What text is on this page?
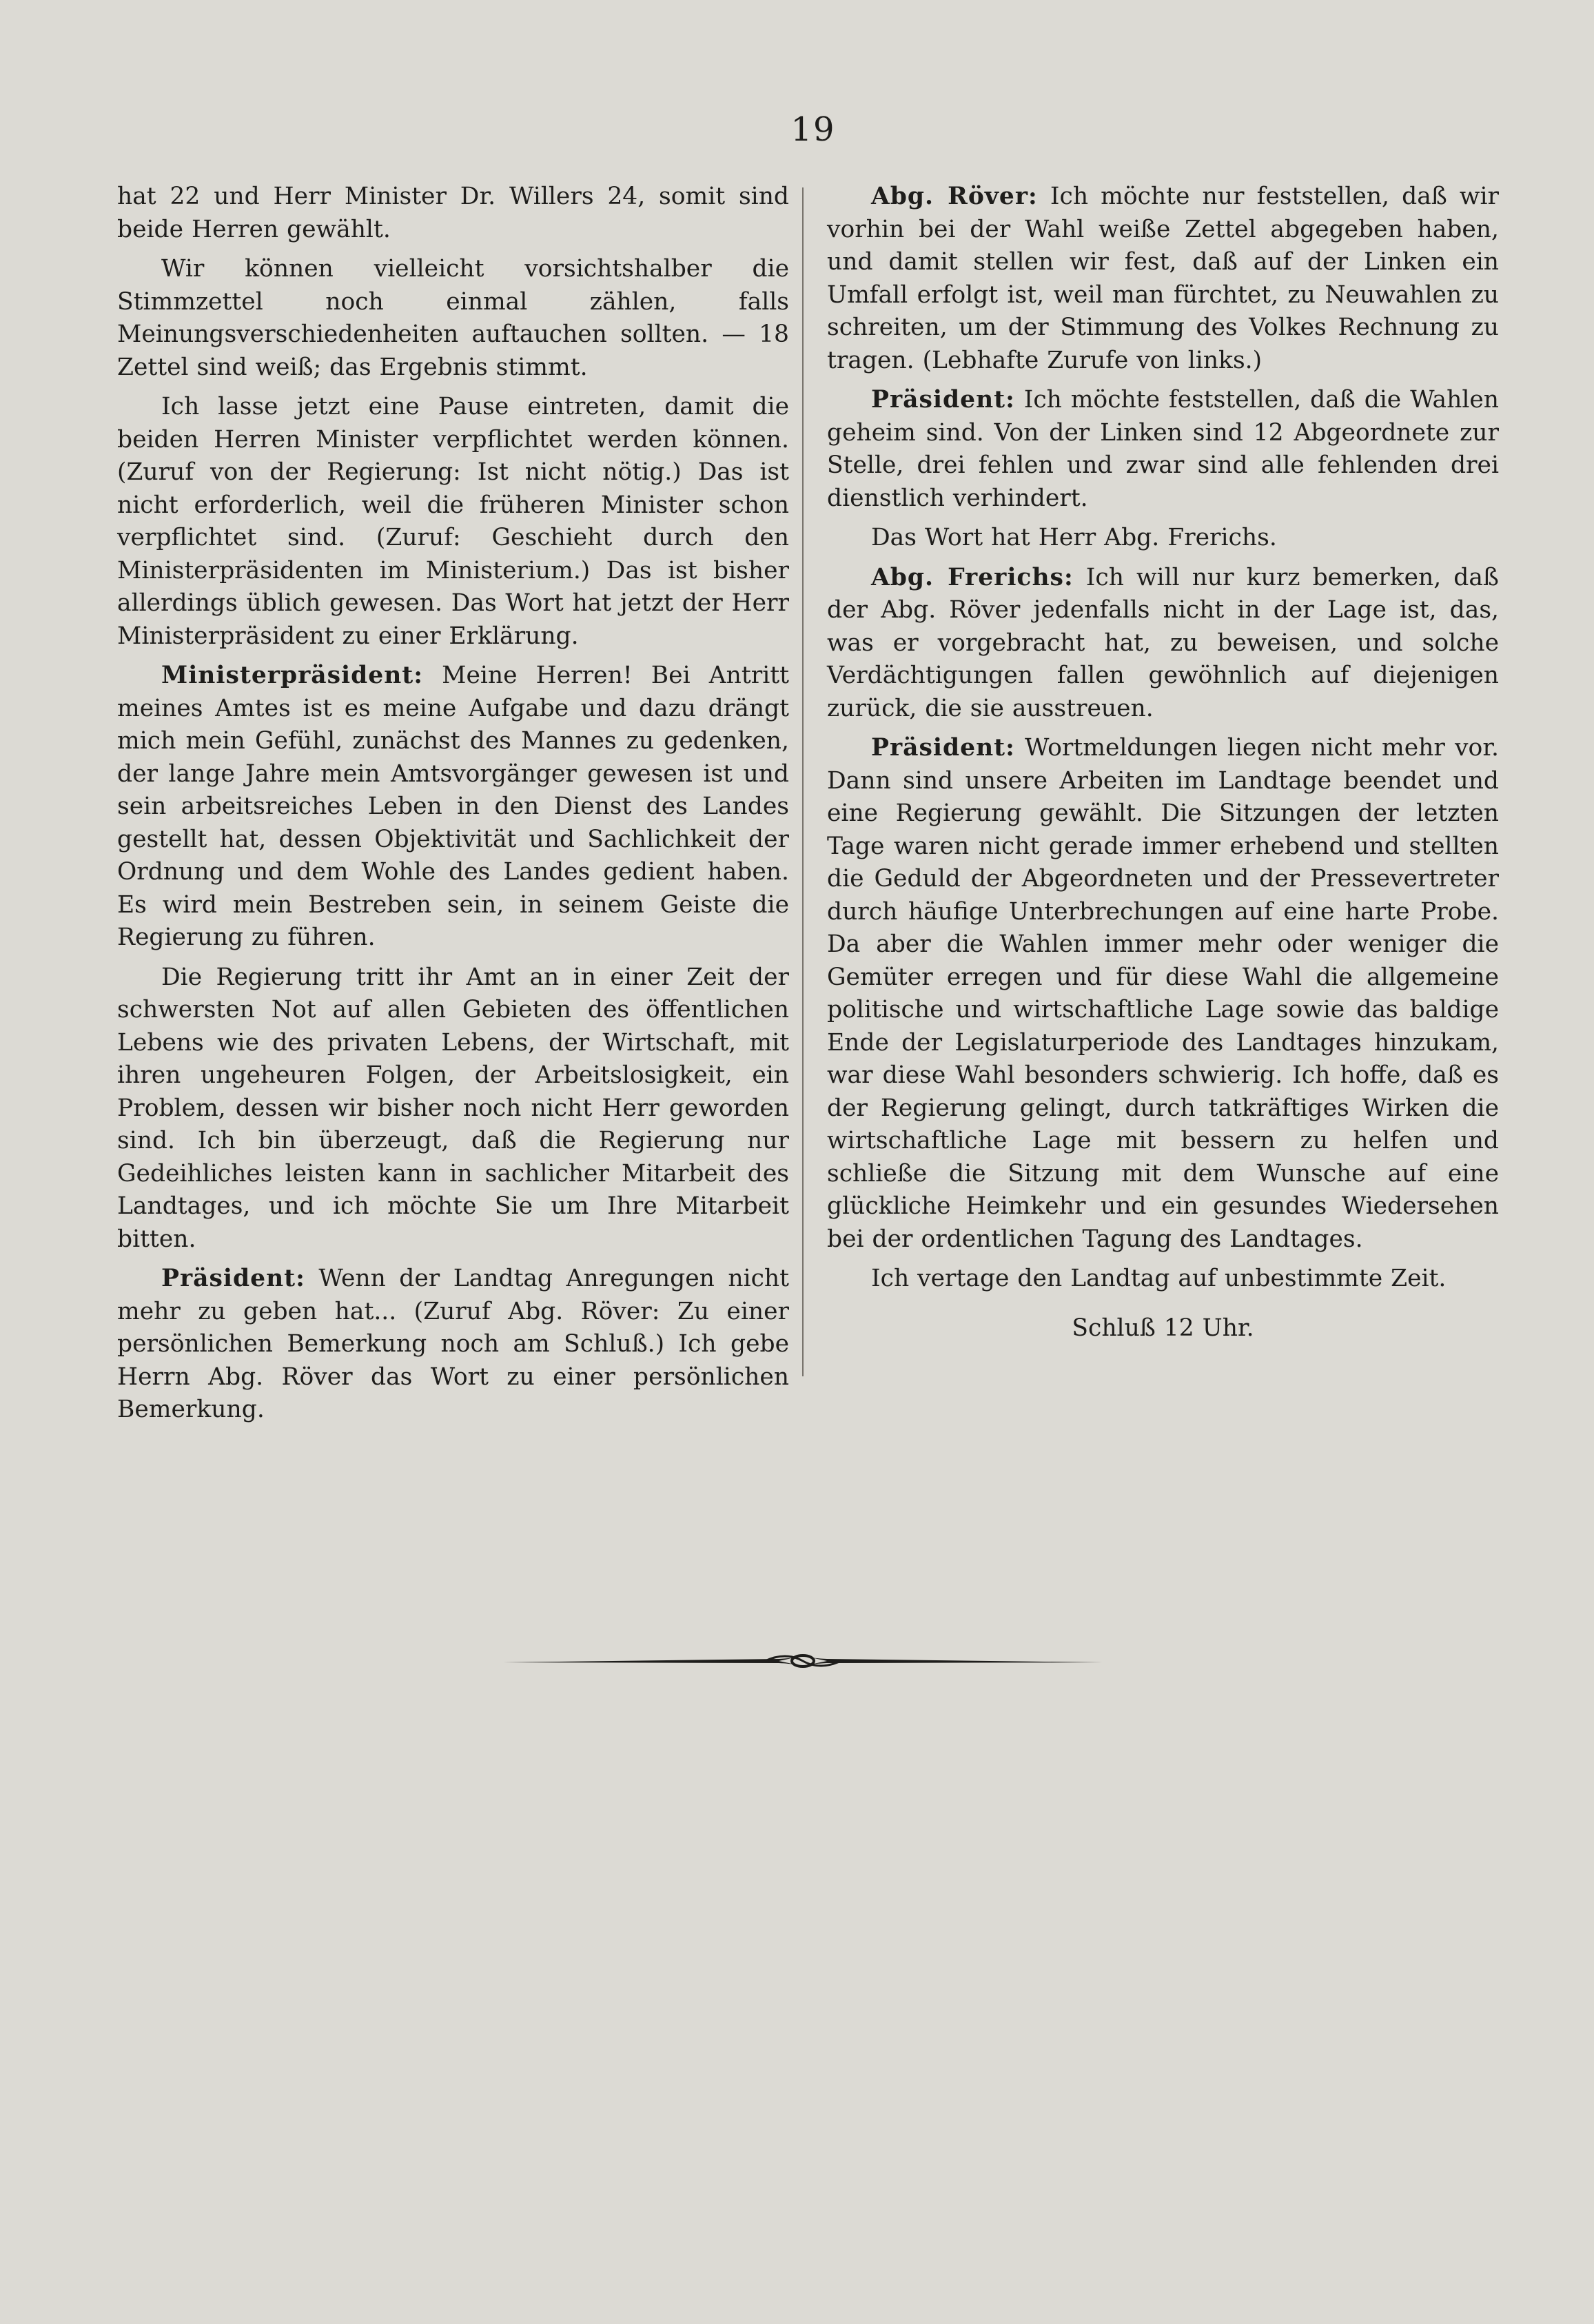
19

hat 22 und Herr Minister Dr. Willers 24, somit sind beide Herren gewählt.

Wir können vielleicht vorsichtshalber die Stimmzettel noch einmal zählen, falls Meinungsverschiedenheiten auftauchen sollten. — 18 Zettel sind weiß; das Ergebnis stimmt.

Ich lasse jetzt eine Pause eintreten, damit die beiden Herren Minister verpflichtet werden können. (Zuruf von der Regierung: Ist nicht nötig.) Das ist nicht erforderlich, weil die früheren Minister schon verpflichtet sind. (Zuruf: Geschieht durch den Ministerpräsidenten im Ministerium.) Das ist bisher allerdings üblich gewesen. Das Wort hat jetzt der Herr Ministerpräsident zu einer Erklärung.

Ministerpräsident: Meine Herren! Bei Antritt meines Amtes ist es meine Aufgabe und dazu drängt mich mein Gefühl, zunächst des Mannes zu gedenken, der lange Jahre mein Amtsvorgänger gewesen ist und sein arbeitsreiches Leben in den Dienst des Landes gestellt hat, dessen Objektivität und Sachlichkeit der Ordnung und dem Wohle des Landes gedient haben. Es wird mein Bestreben sein, in seinem Geiste die Regierung zu führen.

Die Regierung tritt ihr Amt an in einer Zeit der schwersten Not auf allen Gebieten des öffentlichen Lebens wie des privaten Lebens, der Wirtschaft, mit ihren ungeheuren Folgen, der Arbeitslosigkeit, ein Problem, dessen wir bisher noch nicht Herr geworden sind. Ich bin überzeugt, daß die Regierung nur Gedeihliches leisten kann in sachlicher Mitarbeit des Landtages, und ich möchte Sie um Ihre Mitarbeit bitten.

Präsident: Wenn der Landtag Anregungen nicht mehr zu geben hat... (Zuruf Abg. Röver: Zu einer persönlichen Bemerkung noch am Schluß.) Ich gebe Herrn Abg. Röver das Wort zu einer persönlichen Bemerkung.

Abg. Röver: Ich möchte nur feststellen, daß wir vorhin bei der Wahl weiße Zettel abgegeben haben, und damit stellen wir fest, daß auf der Linken ein Umfall erfolgt ist, weil man fürchtet, zu Neuwahlen zu schreiten, um der Stimmung des Volkes Rechnung zu tragen. (Lebhafte Zurufe von links.)

Präsident: Ich möchte feststellen, daß die Wahlen geheim sind. Von der Linken sind 12 Abgeordnete zur Stelle, drei fehlen und zwar sind alle fehlenden drei dienstlich verhindert.

Das Wort hat Herr Abg. Frerichs.

Abg. Frerichs: Ich will nur kurz bemerken, daß der Abg. Röver jedenfalls nicht in der Lage ist, das, was er vorgebracht hat, zu beweisen, und solche Verdächtigungen fallen gewöhnlich auf diejenigen zurück, die sie ausstreuen.

Präsident: Wortmeldungen liegen nicht mehr vor. Dann sind unsere Arbeiten im Landtage beendet und eine Regierung gewählt. Die Sitzungen der letzten Tage waren nicht gerade immer erhebend und stellten die Geduld der Abgeordneten und der Pressevertreter durch häufige Unterbrechungen auf eine harte Probe. Da aber die Wahlen immer mehr oder weniger die Gemüter erregen und für diese Wahl die allgemeine politische und wirtschaftliche Lage sowie das baldige Ende der Legislaturperiode des Landtages hinzukam, war diese Wahl besonders schwierig. Ich hoffe, daß es der Regierung gelingt, durch tatkräftiges Wirken die wirtschaftliche Lage mit bessern zu helfen und schließe die Sitzung mit dem Wunsche auf eine glückliche Heimkehr und ein gesundes Wiedersehen bei der ordentlichen Tagung des Landtages.

Ich vertage den Landtag auf unbestimmte Zeit.

Schluß 12 Uhr.
